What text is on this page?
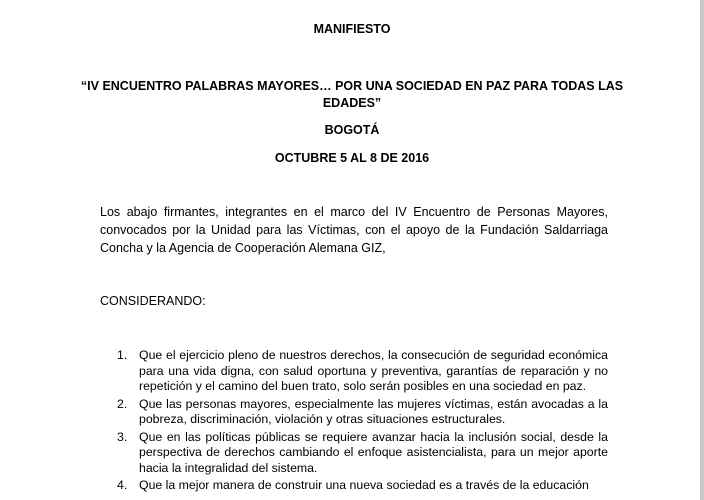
MANIFIESTO
“IV ENCUENTRO PALABRAS MAYORES… POR UNA SOCIEDAD EN PAZ PARA TODAS LAS
EDADES”
BOGOTÁ
OCTUBRE 5 AL 8 DE 2016
Los abajo firmantes, integrantes en el marco del IV Encuentro de Personas Mayores, convocados por la Unidad para las Víctimas, con el apoyo de la Fundación Saldarriaga Concha y la Agencia de Cooperación Alemana GIZ,
CONSIDERANDO:
1. Que el ejercicio pleno de nuestros derechos, la consecución de seguridad económica para una vida digna, con salud oportuna y preventiva, garantías de reparación y no repetición y el camino del buen trato, solo serán posibles en una sociedad en paz.
2. Que las personas mayores, especialmente las mujeres víctimas, están avocadas a la pobreza, discriminación, violación y otras situaciones estructurales.
3. Que en las políticas públicas se requiere avanzar hacia la inclusión social, desde la perspectiva de derechos cambiando el enfoque asistencialista, para un mejor aporte hacia la integralidad del sistema.
4. Que la mejor manera de construir una nueva sociedad es a través de la educación
